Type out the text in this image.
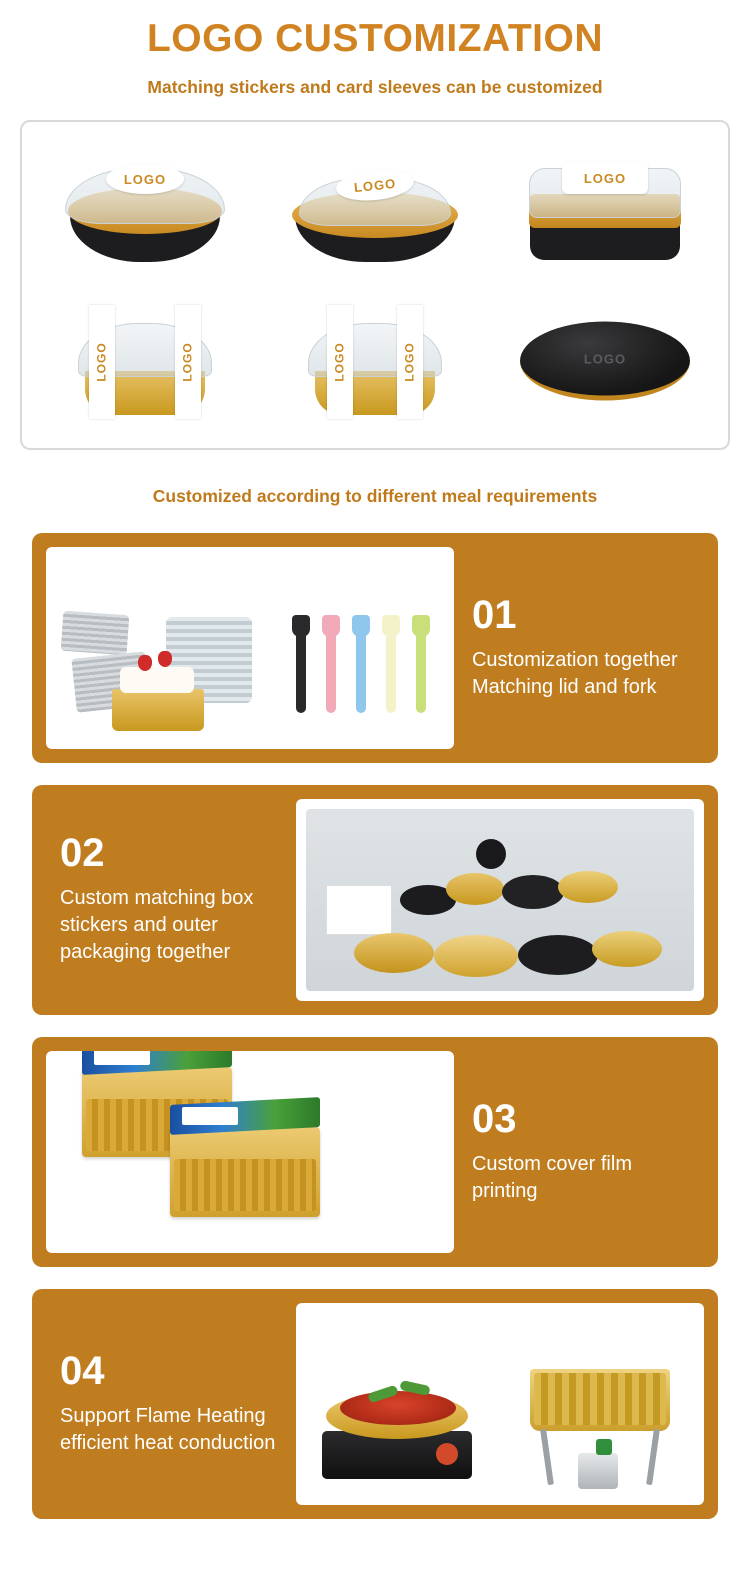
LOGO CUSTOMIZATION
Matching stickers and card sleeves can be customized
LOGO	LOGO	LOGO
LOGO	LOGO	LOGO	LOGO	LOGO
Customized according to different meal requirements
01
Customization together Matching lid and fork
02
Custom matching box stickers and outer packaging together
03
Custom cover film printing
04
Support Flame Heating efficient heat conduction
